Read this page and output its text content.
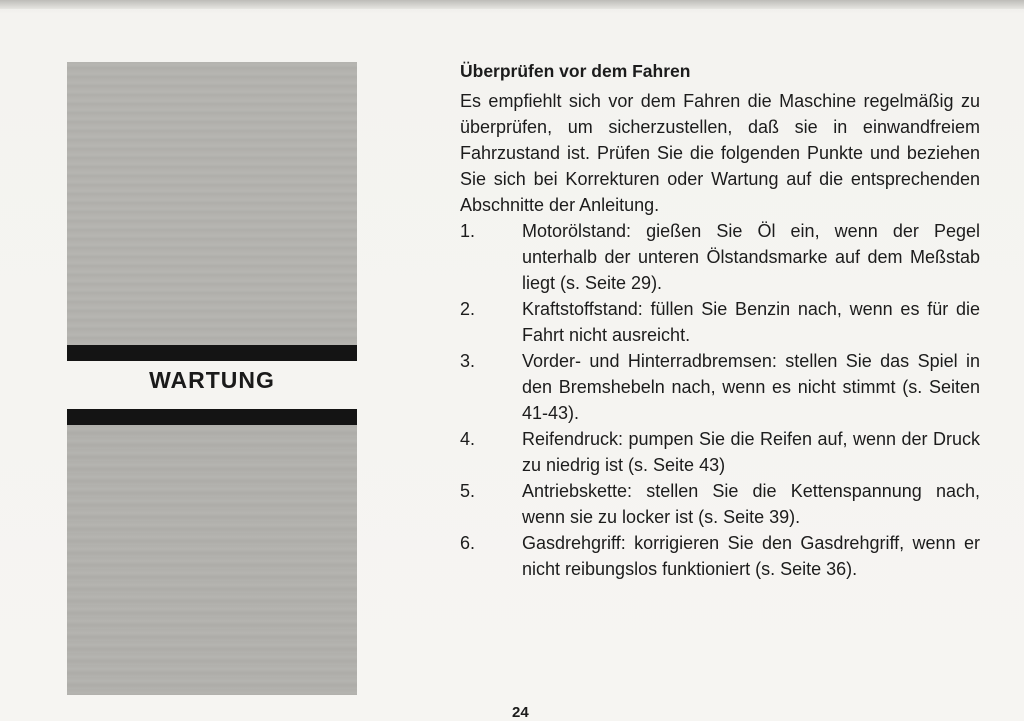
WARTUNG
Überprüfen vor dem Fahren

Es empfiehlt sich vor dem Fahren die Maschine regelmäßig zu überprüfen, um sicherzustellen, daß sie in einwandfreiem Fahrzustand ist. Prüfen Sie die folgenden Punkte und beziehen Sie sich bei Korrekturen oder Wartung auf die entsprechenden Abschnitte der Anleitung.

1.	Motorölstand: gießen Sie Öl ein, wenn der Pegel unterhalb der unteren Ölstandsmarke auf dem Meßstab liegt (s. Seite 29).
2.	Kraftstoffstand: füllen Sie Benzin nach, wenn es für die Fahrt nicht ausreicht.
3.	Vorder- und Hinterradbremsen: stellen Sie das Spiel in den Bremshebeln nach, wenn es nicht stimmt (s. Seiten 41-43).
4.	Reifendruck: pumpen Sie die Reifen auf, wenn der Druck zu niedrig ist (s. Seite 43)
5.	Antriebskette: stellen Sie die Kettenspannung nach, wenn sie zu locker ist (s. Seite 39).
6.	Gasdrehgriff: korrigieren Sie den Gasdrehgriff, wenn er nicht reibungslos funktioniert (s. Seite 36).
24
